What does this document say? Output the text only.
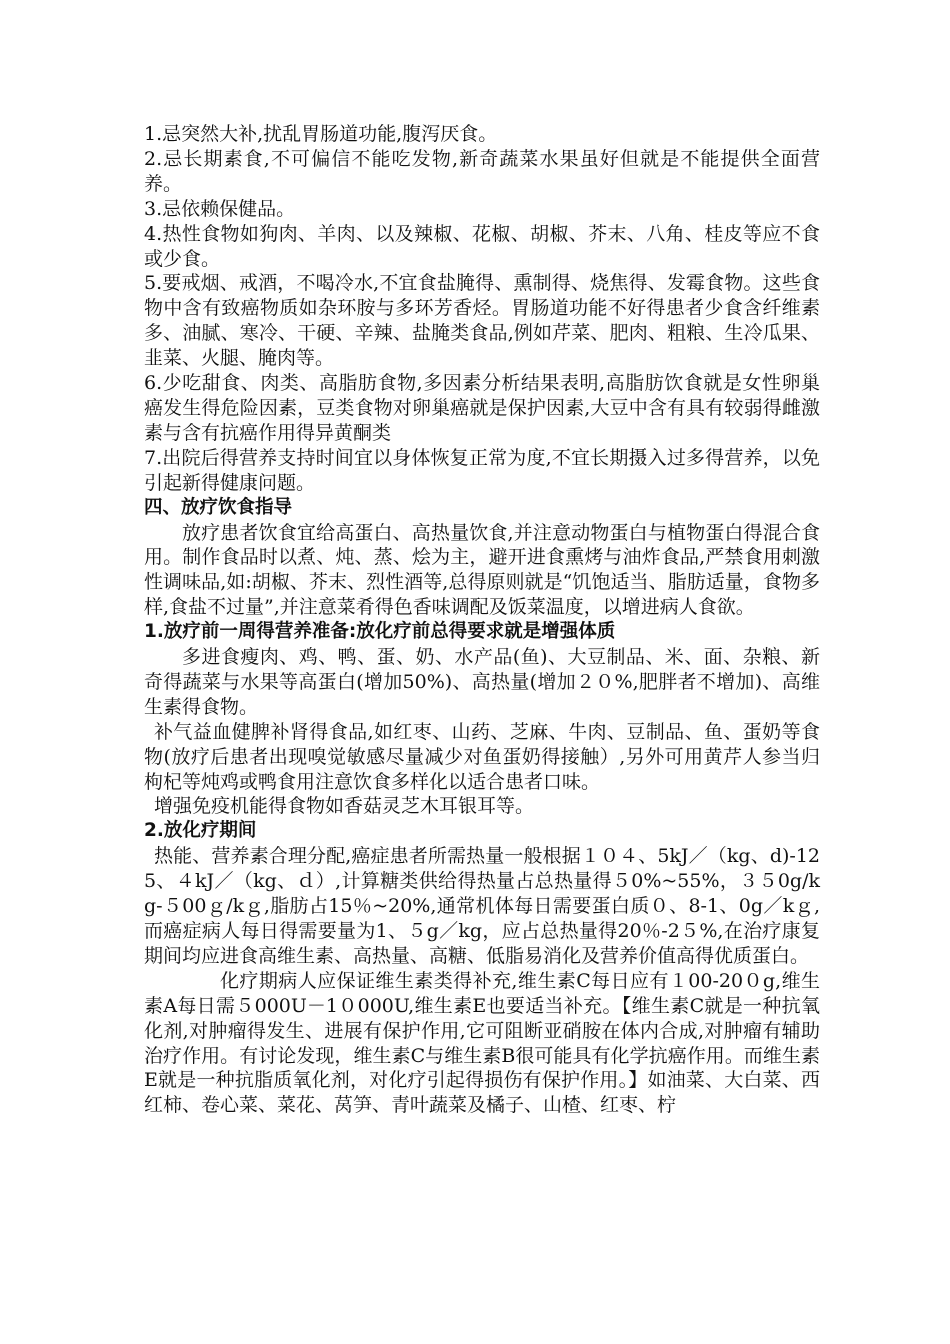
1.忌突然大补,扰乱胃肠道功能,腹泻厌食。

2.忌长期素食,不可偏信不能吃发物,新奇蔬菜水果虽好但就是不能提供全面营养。

3.忌依赖保健品。

4.热性食物如狗肉、羊肉、以及辣椒、花椒、胡椒、芥末、八角、桂皮等应不食或少食。

5.要戒烟、戒酒，不喝冷水,不宜食盐腌得、熏制得、烧焦得、发霉食物。这些食物中含有致癌物质如杂环胺与多环芳香烃。胃肠道功能不好得患者少食含纤维素多、油腻、寒冷、干硬、辛辣、盐腌类食品,例如芹菜、肥肉、粗粮、生冷瓜果、韭菜、火腿、腌肉等。

6.少吃甜食、肉类、高脂肪食物,多因素分析结果表明,高脂肪饮食就是女性卵巢癌发生得危险因素，豆类食物对卵巢癌就是保护因素,大豆中含有具有较弱得雌激素与含有抗癌作用得异黄酮类

7.出院后得营养支持时间宜以身体恢复正常为度,不宜长期摄入过多得营养，以免引起新得健康问题。

四、放疗饮食指导

放疗患者饮食宜给高蛋白、高热量饮食,并注意动物蛋白与植物蛋白得混合食用。制作食品时以煮、炖、蒸、烩为主，避开进食熏烤与油炸食品,严禁食用刺激性调味品,如:胡椒、芥末、烈性酒等,总得原则就是“饥饱适当、脂肪适量，食物多样,食盐不过量”,并注意菜肴得色香味调配及饭菜温度，以增进病人食欲。

1.放疗前一周得营养准备:放化疗前总得要求就是增强体质

多进食瘦肉、鸡、鸭、蛋、奶、水产品(鱼)、大豆制品、米、面、杂粮、新奇得蔬菜与水果等高蛋白(增加50%)、高热量(增加２０%,肥胖者不增加)、高维生素得食物。

补气益血健脾补肾得食品,如红枣、山药、芝麻、牛肉、豆制品、鱼、蛋奶等食物(放疗后患者出现嗅觉敏感尽量减少对鱼蛋奶得接触）,另外可用黄芹人参当归枸杞等炖鸡或鸭食用注意饮食多样化以适合患者口味。

增强免疫机能得食物如香菇灵芝木耳银耳等。

2.放化疗期间

热能、营养素合理分配,癌症患者所需热量一般根据１０４、5kJ／（kg、d)-125、４kJ／（kg、ｄ）,计算糖类供给得热量占总热量得５0%~55%，３５0g/kg-５00ｇ/kｇ,脂肪占15％~20%,通常机体每日需要蛋白质０、8-1、0g／kｇ,而癌症病人每日得需要量为1、５g／kg，应占总热量得20％-2５%,在治疗康复期间均应进食高维生素、高热量、高糖、低脂易消化及营养价值高得优质蛋白。

化疗期病人应保证维生素类得补充,维生素C每日应有１00-20０g,维生素A每日需５000U－1０000U,维生素E也要适当补充。【维生素C就是一种抗氧化剂,对肿瘤得发生、进展有保护作用,它可阻断亚硝胺在体内合成,对肿瘤有辅助治疗作用。有讨论发现，维生素C与维生素B很可能具有化学抗癌作用。而维生素E就是一种抗脂质氧化剂，对化疗引起得损伤有保护作用。】如油菜、大白菜、西红柿、卷心菜、菜花、莴笋、青叶蔬菜及橘子、山楂、红枣、柠
